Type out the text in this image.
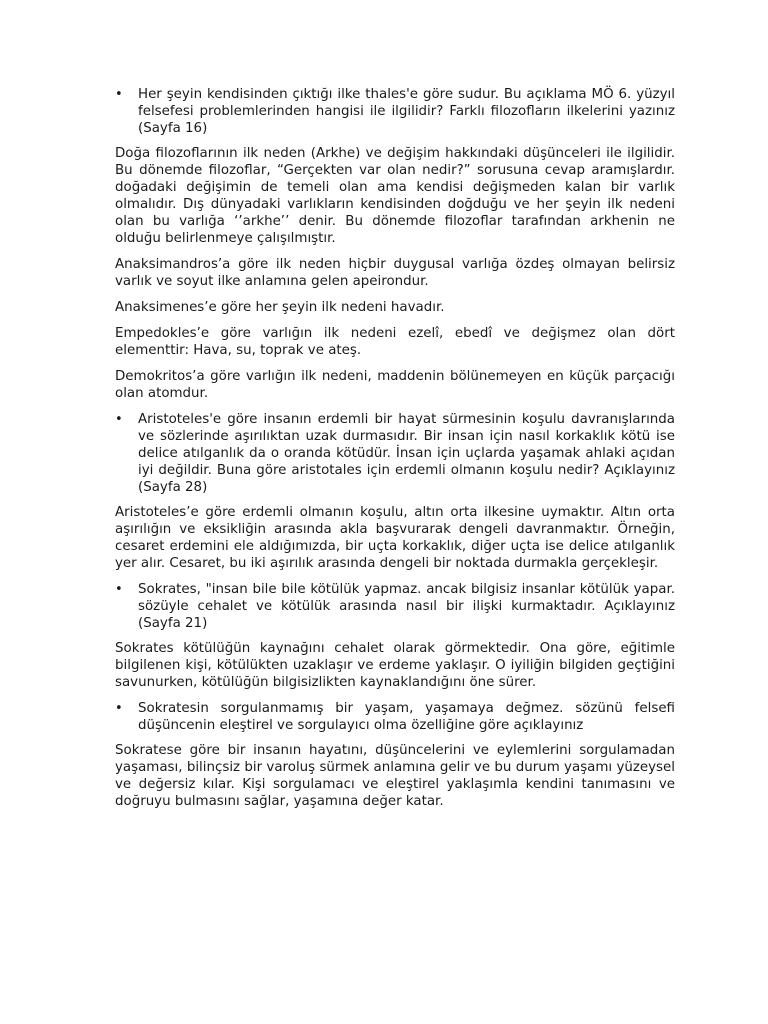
• Her şeyin kendisinden çıktığı ilke thales'e göre sudur. Bu açıklama MÖ 6. yüzyıl felsefesi problemlerinden hangisi ile ilgilidir? Farklı filozofların ilkelerini yazınız (Sayfa 16)

Doğa filozoflarının ilk neden (Arkhe) ve değişim hakkındaki düşünceleri ile ilgilidir. Bu dönemde filozoflar, “Gerçekten var olan nedir?” sorusuna cevap aramışlardır. doğadaki değişimin de temeli olan ama kendisi değişmeden kalan bir varlık olmalıdır. Dış dünyadaki varlıkların kendisinden doğduğu ve her şeyin ilk nedeni olan bu varlığa ‘’arkhe’’ denir. Bu dönemde filozoflar tarafından arkhenin ne olduğu belirlenmeye çalışılmıştır.

Anaksimandros’a göre ilk neden hiçbir duygusal varlığa özdeş olmayan belirsiz varlık ve soyut ilke anlamına gelen apeirondur.

Anaksimenes’e göre her şeyin ilk nedeni havadır.

Empedokles’e göre varlığın ilk nedeni ezelî, ebedî ve değişmez olan dört elementtir: Hava, su, toprak ve ateş.

Demokritos’a göre varlığın ilk nedeni, maddenin bölünemeyen en küçük parçacığı olan atomdur.

• Aristoteles'e göre insanın erdemli bir hayat sürmesinin koşulu davranışlarında ve sözlerinde aşırılıktan uzak durmasıdır. Bir insan için nasıl korkaklık kötü ise delice atılganlık da o oranda kötüdür. İnsan için uçlarda yaşamak ahlaki açıdan iyi değildir. Buna göre aristotales için erdemli olmanın koşulu nedir? Açıklayınız (Sayfa 28)

Aristoteles’e göre erdemli olmanın koşulu, altın orta ilkesine uymaktır. Altın orta aşırılığın ve eksikliğin arasında akla başvurarak dengeli davranmaktır. Örneğin, cesaret erdemini ele aldığımızda, bir uçta korkaklık, diğer uçta ise delice atılganlık yer alır. Cesaret, bu iki aşırılık arasında dengeli bir noktada durmakla gerçekleşir.

• Sokrates, "insan bile bile kötülük yapmaz. ancak bilgisiz insanlar kötülük yapar. sözüyle cehalet ve kötülük arasında nasıl bir ilişki kurmaktadır. Açıklayınız (Sayfa 21)

Sokrates kötülüğün kaynağını cehalet olarak görmektedir. Ona göre, eğitimle bilgilenen kişi, kötülükten uzaklaşır ve erdeme yaklaşır. O iyiliğin bilgiden geçtiğini savunurken, kötülüğün bilgisizlikten kaynaklandığını öne sürer.

• Sokratesin sorgulanmamış bir yaşam, yaşamaya değmez. sözünü felsefi düşüncenin eleştirel ve sorgulayıcı olma özelliğine göre açıklayınız

Sokratese göre bir insanın hayatını, düşüncelerini ve eylemlerini sorgulamadan yaşaması, bilinçsiz bir varoluş sürmek anlamına gelir ve bu durum yaşamı yüzeysel ve değersiz kılar. Kişi sorgulamacı ve eleştirel yaklaşımla kendini tanımasını ve doğruyu bulmasını sağlar, yaşamına değer katar.
